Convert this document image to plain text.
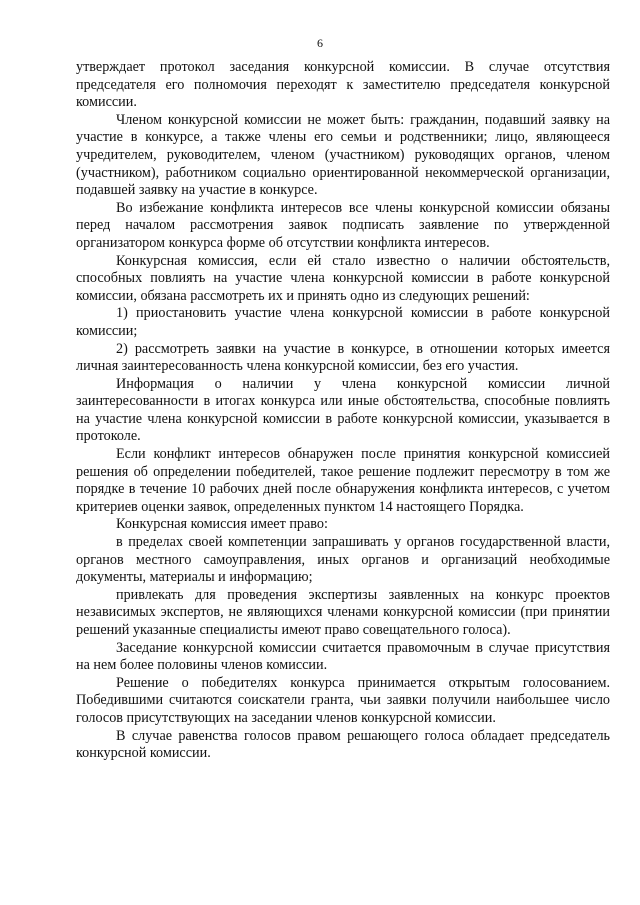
6

утверждает протокол заседания конкурсной комиссии. В случае отсутствия председателя его полномочия переходят к заместителю председателя конкурсной комиссии.

Членом конкурсной комиссии не может быть: гражданин, подавший заявку на участие в конкурсе, а также члены его семьи и родственники; лицо, являющееся учредителем, руководителем, членом (участником) руководящих органов, членом (участником), работником социально ориентированной некоммерческой организации, подавшей заявку на участие в конкурсе.

Во избежание конфликта интересов все члены конкурсной комиссии обязаны перед началом рассмотрения заявок подписать заявление по утвержденной организатором конкурса форме об отсутствии конфликта интересов.

Конкурсная комиссия, если ей стало известно о наличии обстоятельств, способных повлиять на участие члена конкурсной комиссии в работе конкурсной комиссии, обязана рассмотреть их и принять одно из следующих решений:

1) приостановить участие члена конкурсной комиссии в работе конкурсной комиссии;

2) рассмотреть заявки на участие в конкурсе, в отношении которых имеется личная заинтересованность члена конкурсной комиссии, без его участия.

Информация о наличии у члена конкурсной комиссии личной заинтересованности в итогах конкурса или иные обстоятельства, способные повлиять на участие члена конкурсной комиссии в работе конкурсной комиссии, указывается в протоколе.

Если конфликт интересов обнаружен после принятия конкурсной комиссией решения об определении победителей, такое решение подлежит пересмотру в том же порядке в течение 10 рабочих дней после обнаружения конфликта интересов, с учетом критериев оценки заявок, определенных пунктом 14 настоящего Порядка.

Конкурсная комиссия имеет право:

в пределах своей компетенции запрашивать у органов государственной власти, органов местного самоуправления, иных органов и организаций необходимые документы, материалы и информацию;

привлекать для проведения экспертизы заявленных на конкурс проектов независимых экспертов, не являющихся членами конкурсной комиссии (при принятии решений указанные специалисты имеют право совещательного голоса).

Заседание конкурсной комиссии считается правомочным в случае присутствия на нем более половины членов комиссии.

Решение о победителях конкурса принимается открытым голосованием. Победившими считаются соискатели гранта, чьи заявки получили наибольшее число голосов присутствующих на заседании членов конкурсной комиссии.

В случае равенства голосов правом решающего голоса обладает председатель конкурсной комиссии.
